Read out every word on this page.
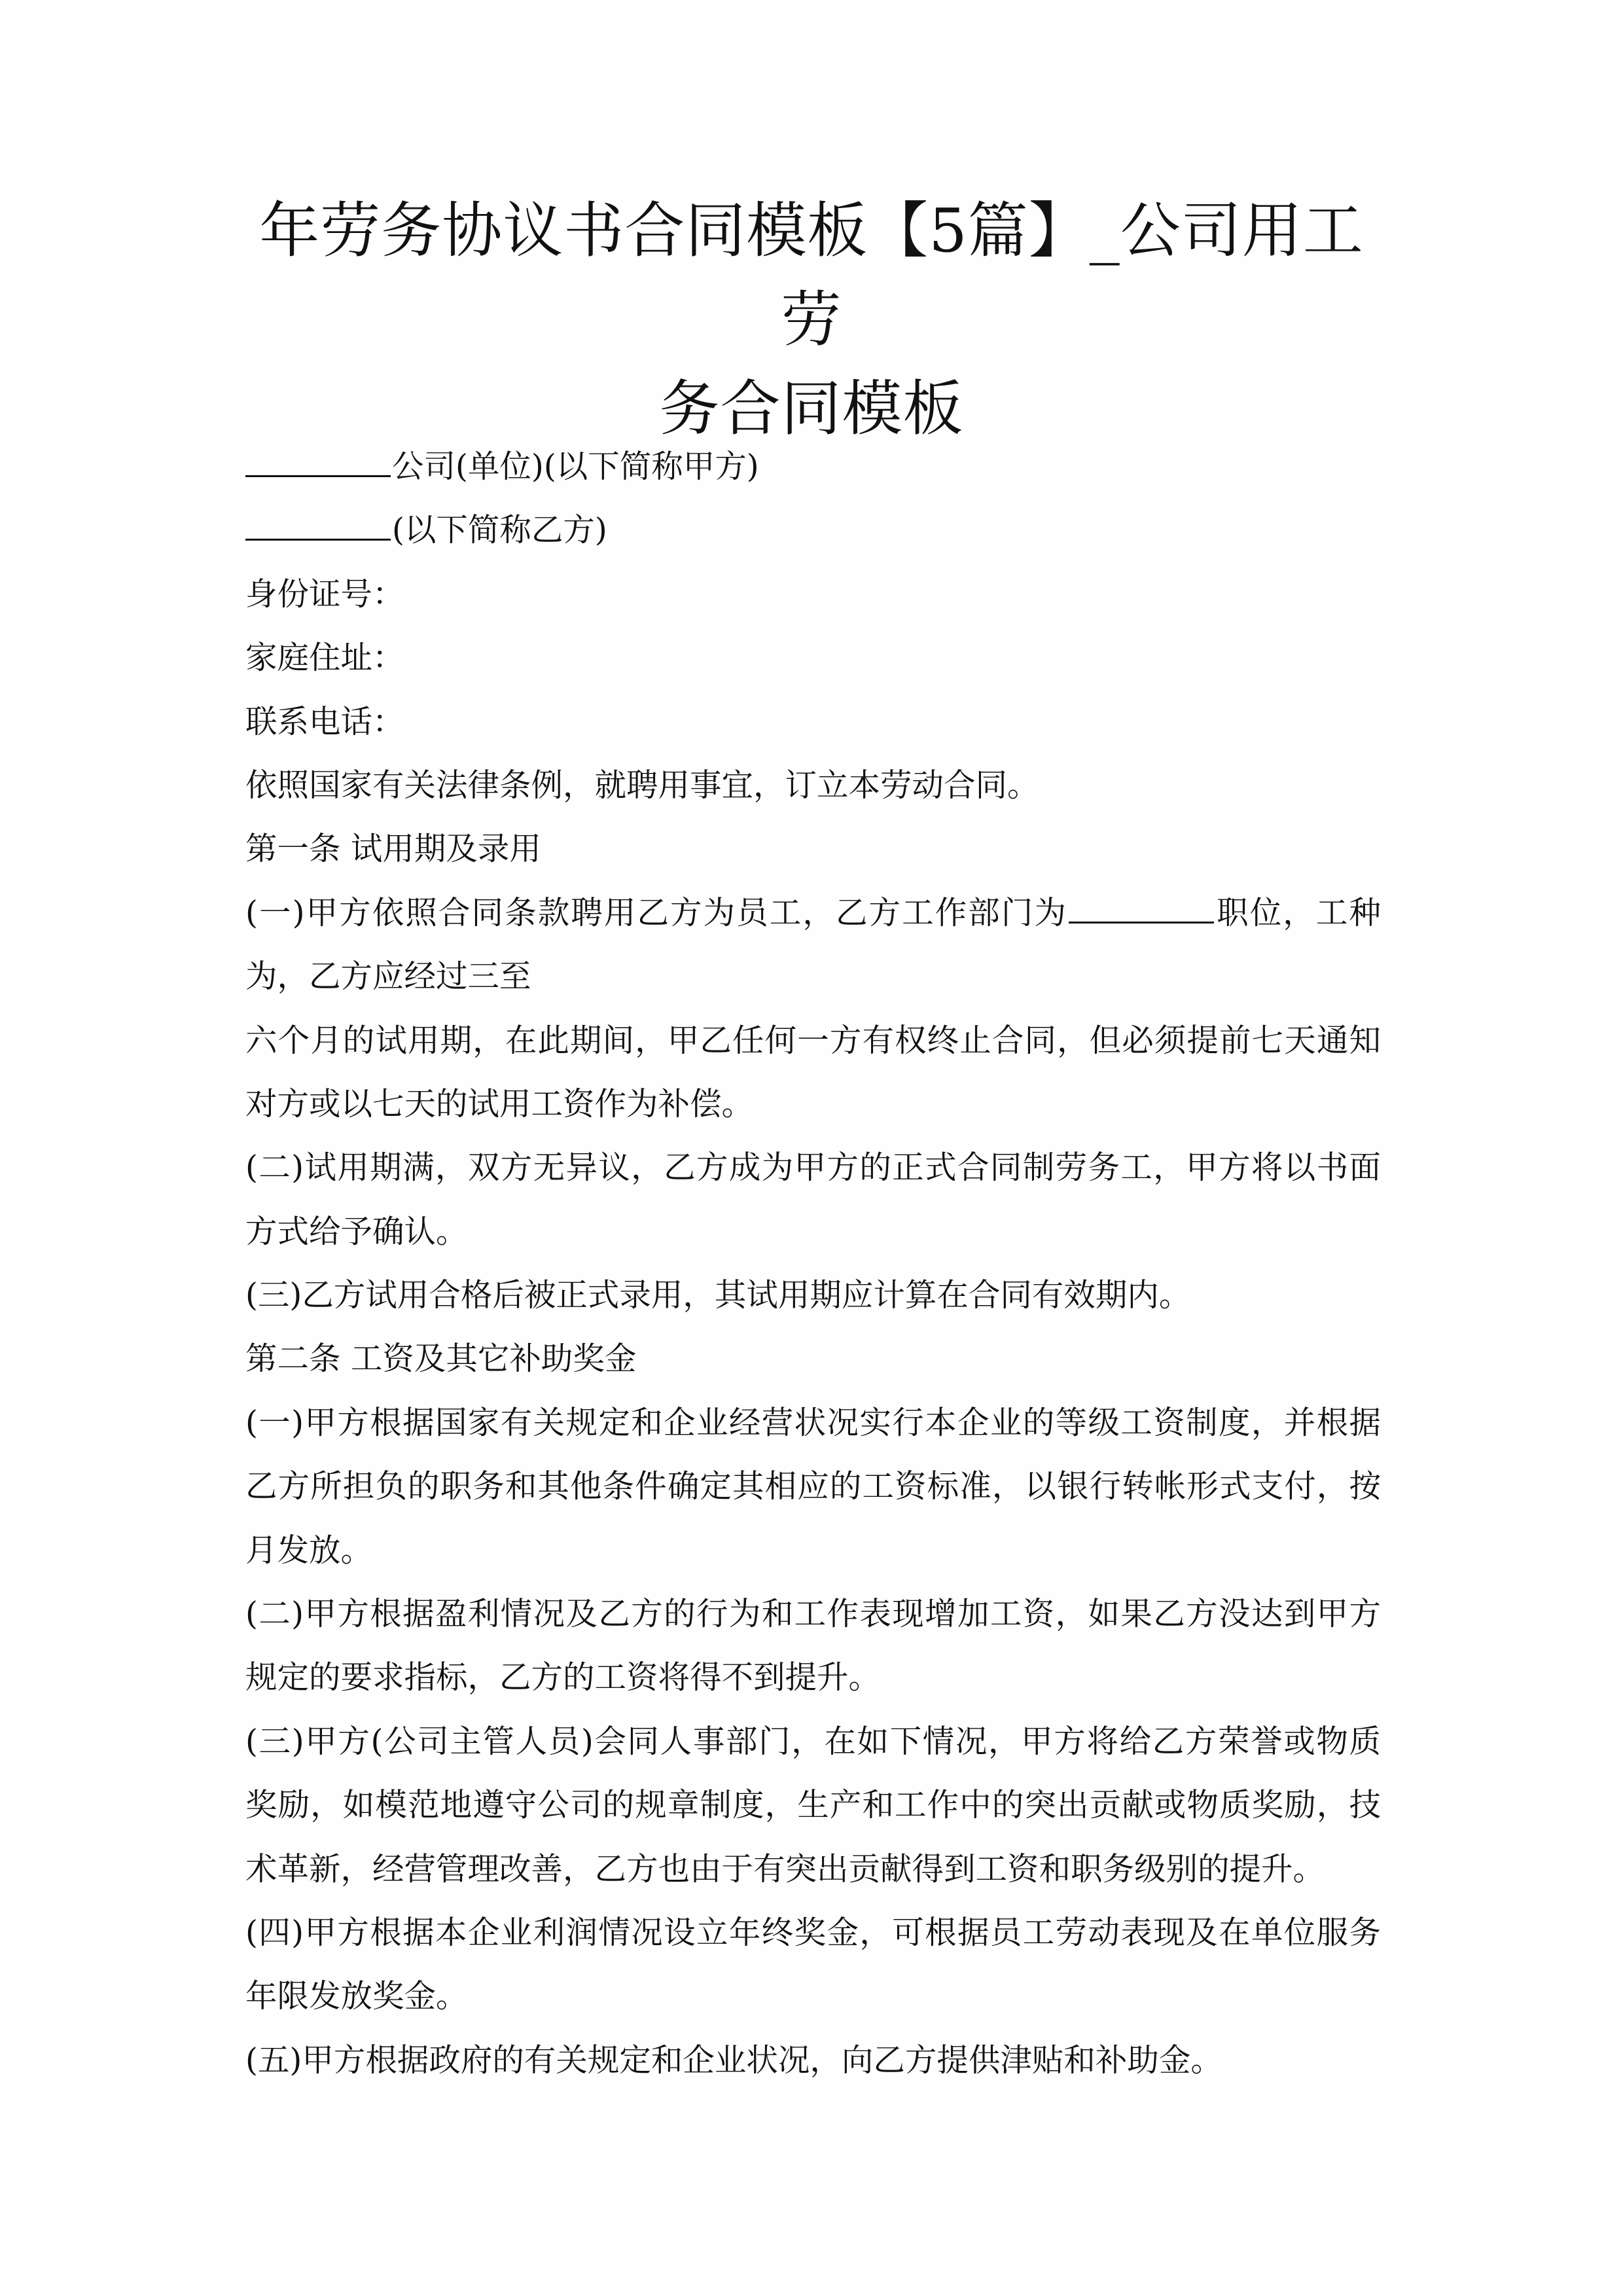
年劳务协议书合同模板【5篇】_公司用工劳
务合同模板
公司(单位)(以下简称甲方)
(以下简称乙方)
身份证号：
家庭住址：
联系电话：
依照国家有关法律条例，就聘用事宜，订立本劳动合同。
第一条 试用期及录用
(一)甲方依照合同条款聘用乙方为员工，乙方工作部门为	职位，工种
为，乙方应经过三至
六个月的试用期，在此期间，甲乙任何一方有权终止合同，但必须提前七天通知
对方或以七天的试用工资作为补偿。
(二)试用期满，双方无异议，乙方成为甲方的正式合同制劳务工，甲方将以书面
方式给予确认。
(三)乙方试用合格后被正式录用，其试用期应计算在合同有效期内。
第二条 工资及其它补助奖金
(一)甲方根据国家有关规定和企业经营状况实行本企业的等级工资制度，并根据
乙方所担负的职务和其他条件确定其相应的工资标准，以银行转帐形式支付，按
月发放。
(二)甲方根据盈利情况及乙方的行为和工作表现增加工资，如果乙方没达到甲方
规定的要求指标，乙方的工资将得不到提升。
(三)甲方(公司主管人员)会同人事部门，在如下情况，甲方将给乙方荣誉或物质
奖励，如模范地遵守公司的规章制度，生产和工作中的突出贡献或物质奖励，技
术革新，经营管理改善，乙方也由于有突出贡献得到工资和职务级别的提升。
(四)甲方根据本企业利润情况设立年终奖金，可根据员工劳动表现及在单位服务
年限发放奖金。
(五)甲方根据政府的有关规定和企业状况，向乙方提供津贴和补助金。
